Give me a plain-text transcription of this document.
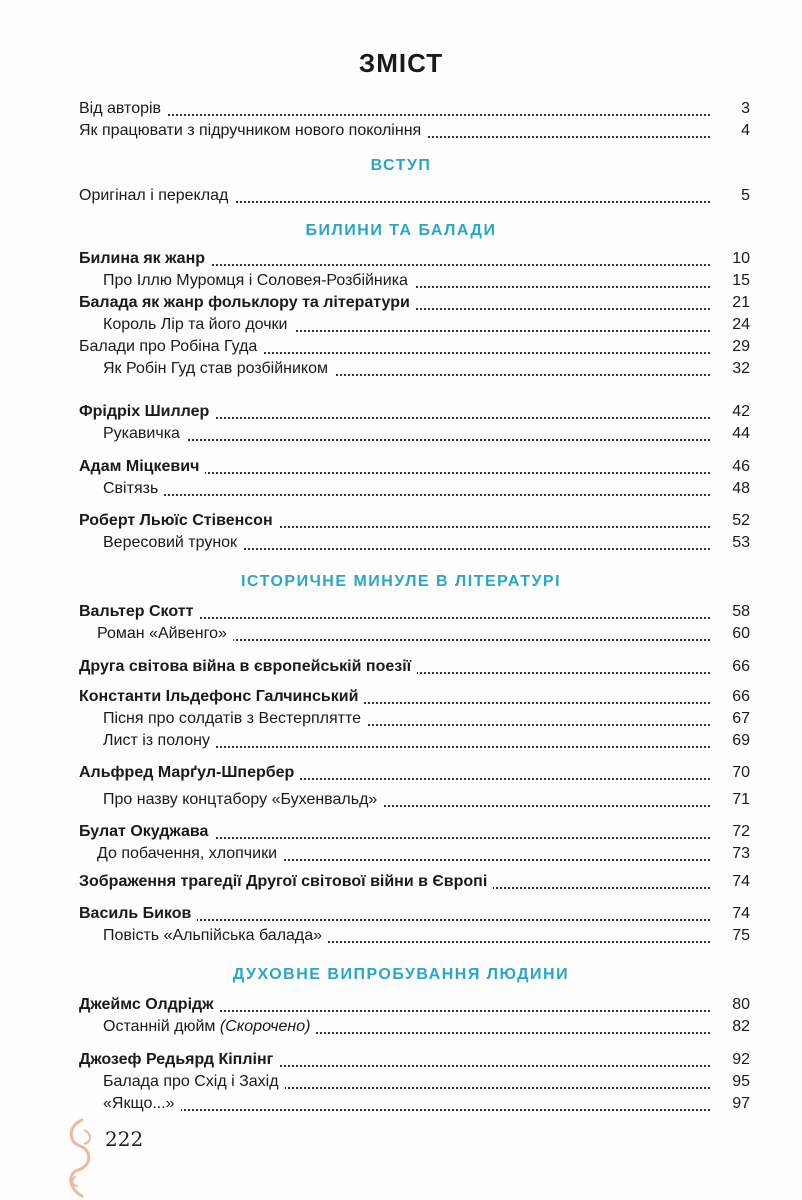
ЗМІСТ
Від авторів	3
Як працювати з підручником нового покоління	4
ВСТУП
Оригінал і переклад	5
БИЛИНИ ТА БАЛАДИ
Билина як жанр	10
Про Іллю Муромця і Соловея-Розбійника	15
Балада як жанр фольклору та літератури	21
Король Лір та його дочки	24
Балади про Робіна Гуда	29
Як Робін Гуд став розбійником	32
Фрідріх Шиллер	42
Рукавичка	44
Адам Міцкевич	46
Світязь	48
Роберт Льюїс Стівенсон	52
Вересовий трунок	53
ІСТОРИЧНЕ МИНУЛЕ В ЛІТЕРАТУРІ
Вальтер Скотт	58
Роман «Айвенго»	60
Друга світова війна в європейській поезії	66
Константи Ільдефонс Галчинський	66
Пісня про солдатів з Вестерплятте	67
Лист із полону	69
Альфред Марґул-Шпербер	70
Про назву концтабору «Бухенвальд»	71
Булат Окуджава	72
До побачення, хлопчики	73
Зображення трагедії Другої світової війни в Європі	74
Василь Биков	74
Повість «Альпійська балада»	75
ДУХОВНЕ ВИПРОБУВАННЯ ЛЮДИНИ
Джеймс Олдрідж	80
Останній дюйм (Скорочено)	82
Джозеф Редьярд Кіплінг	92
Балада про Схід і Захід	95
«Якщо...»	97
222
